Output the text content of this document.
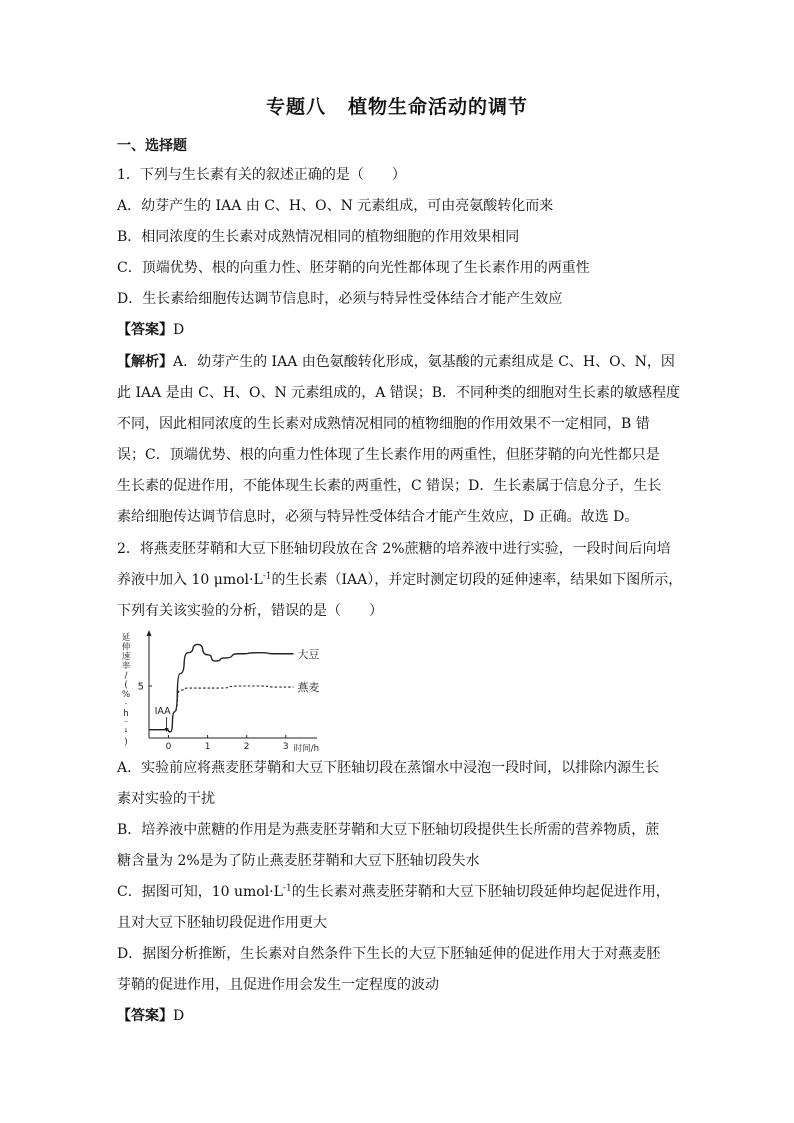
专题八 植物生命活动的调节
一、选择题
1．下列与生长素有关的叙述正确的是（　　）
A．幼芽产生的 IAA 由 C、H、O、N 元素组成，可由亮氨酸转化而来
B．相同浓度的生长素对成熟情况相同的植物细胞的作用效果相同
C．顶端优势、根的向重力性、胚芽鞘的向光性都体现了生长素作用的两重性
D．生长素给细胞传达调节信息时，必须与特异性受体结合才能产生效应
【答案】D
【解析】A．幼芽产生的 IAA 由色氨酸转化形成，氨基酸的元素组成是 C、H、O、N，因
此 IAA 是由 C、H、O、N 元素组成的，A 错误；B．不同种类的细胞对生长素的敏感程度
不同，因此相同浓度的生长素对成熟情况相同的植物细胞的作用效果不一定相同，B 错
误；C．顶端优势、根的向重力性体现了生长素作用的两重性，但胚芽鞘的向光性都只是
生长素的促进作用，不能体现生长素的两重性，C 错误；D．生长素属于信息分子，生长
素给细胞传达调节信息时，必须与特异性受体结合才能产生效应，D 正确。故选 D。
2．将燕麦胚芽鞘和大豆下胚轴切段放在含 2%蔗糖的培养液中进行实验，一段时间后向培
养液中加入 10 $\mu mol\cdot L^{-1}$的生长素（IAA），并定时测定切段的延伸速率，结果如下图所示，
下列有关该实验的分析，错误的是（　　）
0	1	2	3
5
时间/h
延伸速率/ ( % · h ⁻ ¹ )
大豆
燕麦
IAA
A．实验前应将燕麦胚芽鞘和大豆下胚轴切段在蒸馏水中浸泡一段时间，以排除内源生长
素对实验的干扰
B．培养液中蔗糖的作用是为燕麦胚芽鞘和大豆下胚轴切段提供生长所需的营养物质，蔗
糖含量为 2%是为了防止燕麦胚芽鞘和大豆下胚轴切段失水
C．据图可知，10 $umol\cdot L^{-1}$的生长素对燕麦胚芽鞘和大豆下胚轴切段延伸均起促进作用，
且对大豆下胚轴切段促进作用更大
D．据图分析推断，生长素对自然条件下生长的大豆下胚轴延伸的促进作用大于对燕麦胚
芽鞘的促进作用，且促进作用会发生一定程度的波动
【答案】D
